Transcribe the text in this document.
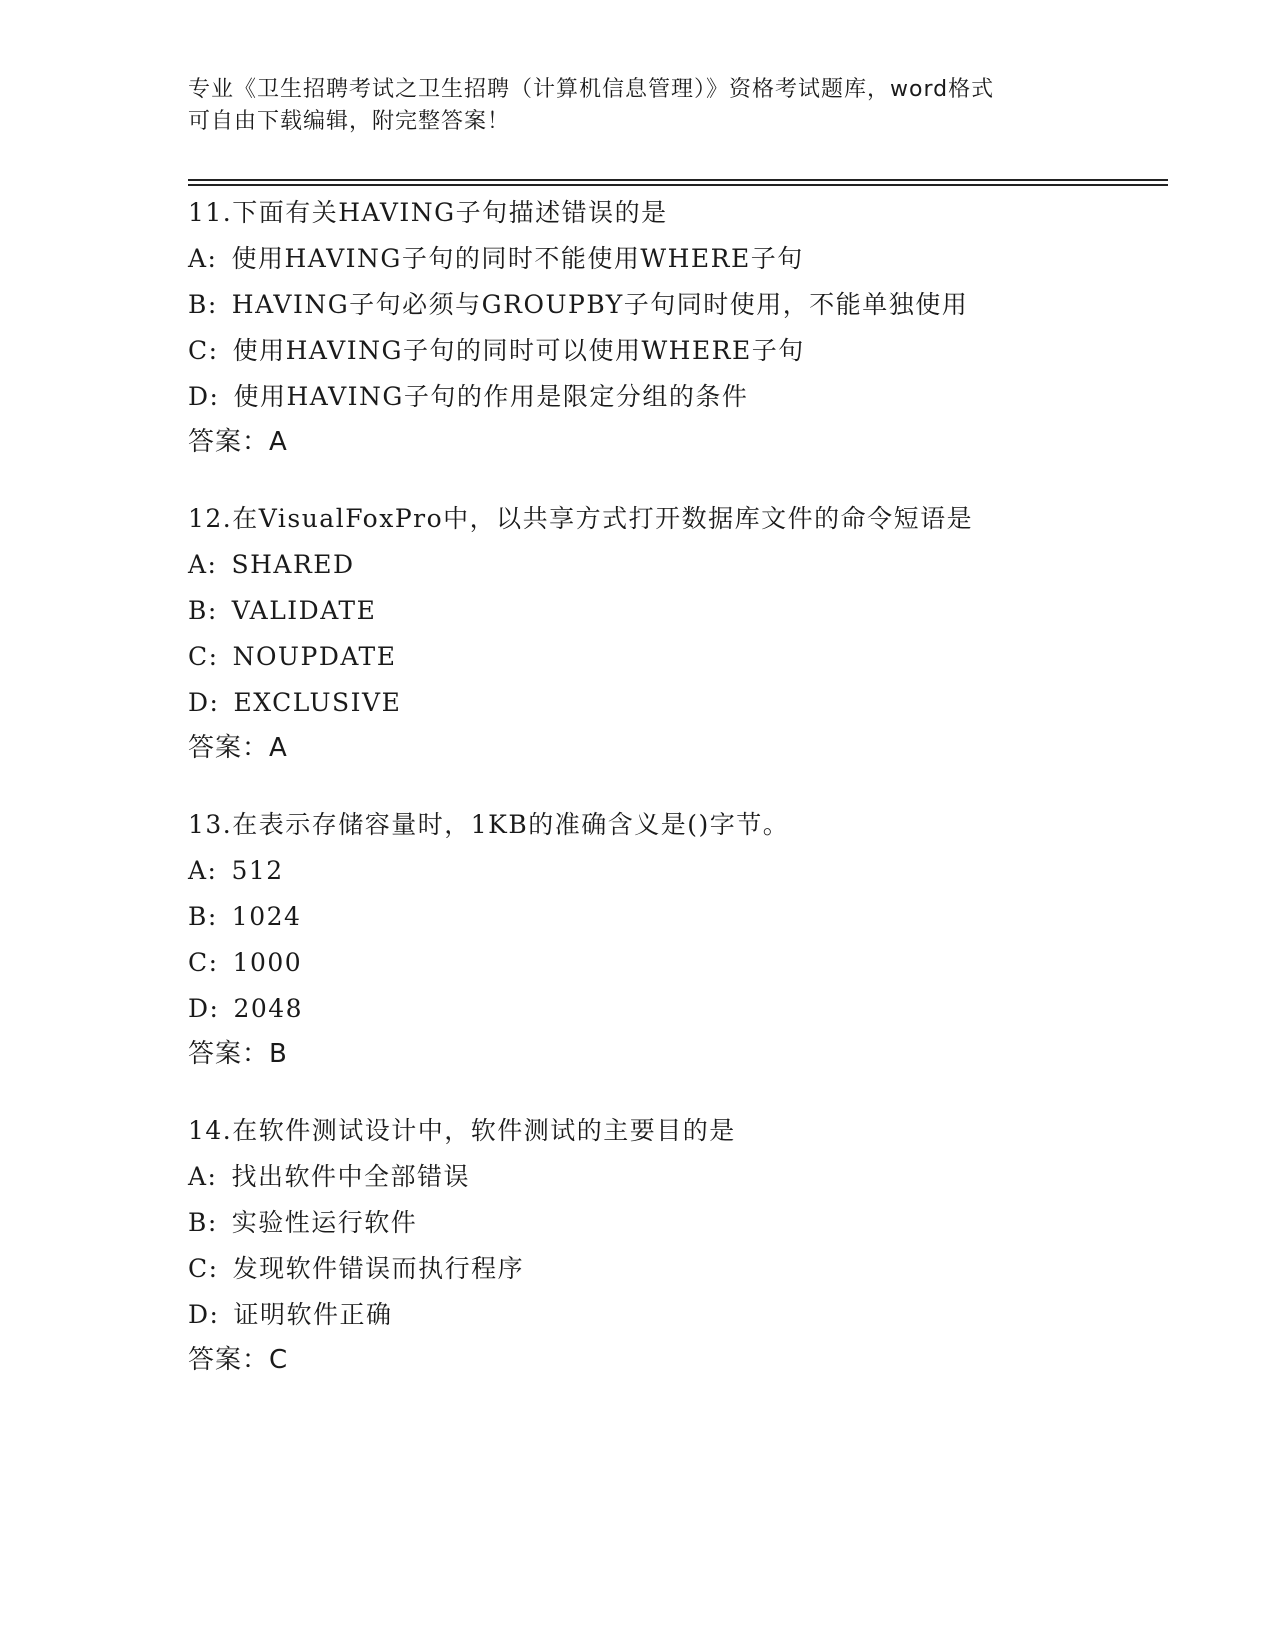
专业《卫生招聘考试之卫生招聘（计算机信息管理）》资格考试题库，word格式
可自由下载编辑，附完整答案！
11.下面有关HAVING子句描述错误的是
A: 使用HAVING子句的同时不能使用WHERE子句
B: HAVING子句必须与GROUPBY子句同时使用，不能单独使用
C: 使用HAVING子句的同时可以使用WHERE子句
D: 使用HAVING子句的作用是限定分组的条件
答案：A
12.在VisualFoxPro中，以共享方式打开数据库文件的命令短语是
A: SHARED
B: VALIDATE
C: NOUPDATE
D: EXCLUSIVE
答案：A
13.在表示存储容量时，1KB的准确含义是()字节。
A: 512
B: 1024
C: 1000
D: 2048
答案：B
14.在软件测试设计中，软件测试的主要目的是
A: 找出软件中全部错误
B: 实验性运行软件
C: 发现软件错误而执行程序
D: 证明软件正确
答案：C
